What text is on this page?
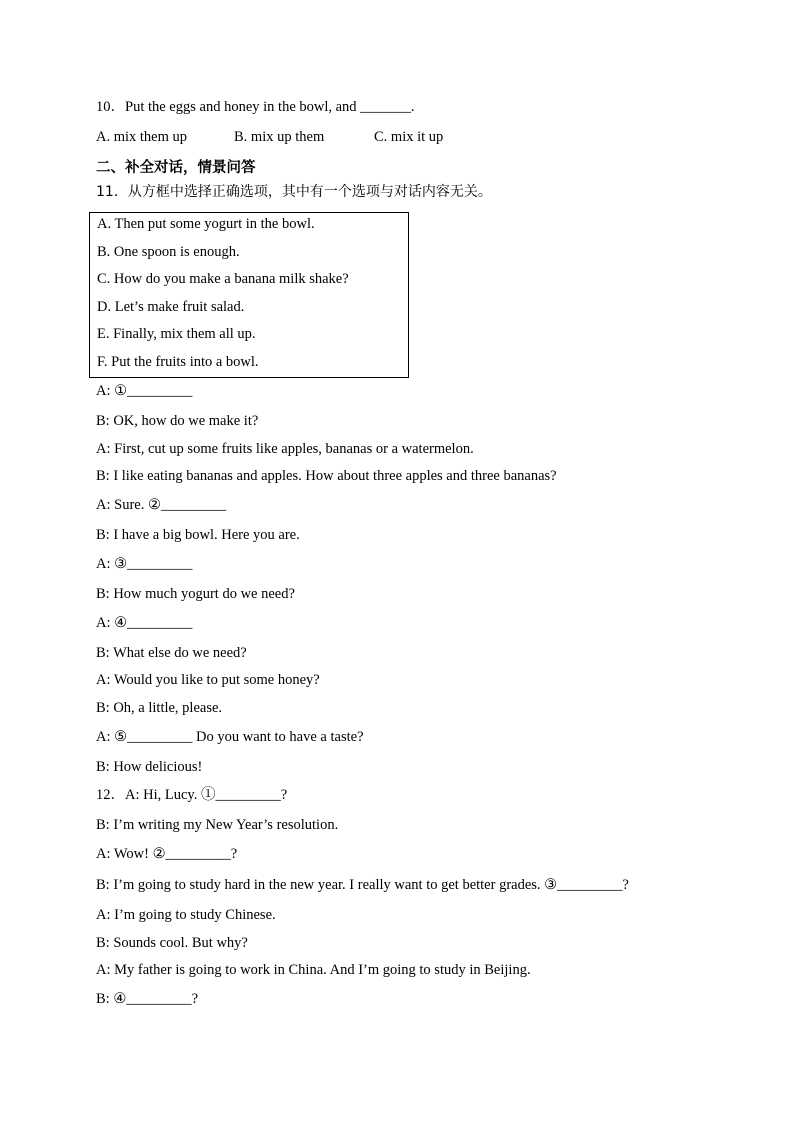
10．Put the eggs and honey in the bowl, and _______.
A. mix them up	B. mix up them	C. mix it up
二、补全对话，情景问答
11．从方框中选择正确选项，其中有一个选项与对话内容无关。
A. Then put some yogurt in the bowl.
B. One spoon is enough.
C. How do you make a banana milk shake?
D. Let’s make fruit salad.
E. Finally, mix them all up.
F. Put the fruits into a bowl.
A: ①_________
B: OK, how do we make it?
A: First, cut up some fruits like apples, bananas or a watermelon.
B: I like eating bananas and apples. How about three apples and three bananas?
A: Sure. ②_________
B: I have a big bowl. Here you are.
A: ③_________
B: How much yogurt do we need?
A: ④_________
B: What else do we need?
A: Would you like to put some honey?
B: Oh, a little, please.
A: ⑤_________ Do you want to have a taste?
B: How delicious!
12．A: Hi, Lucy. ①_________?
B: I’m writing my New Year’s resolution.
A: Wow! ②_________?
B: I’m going to study hard in the new year. I really want to get better grades. ③_________?
A: I’m going to study Chinese.
B: Sounds cool. But why?
A: My father is going to work in China. And I’m going to study in Beijing.
B: ④_________?
